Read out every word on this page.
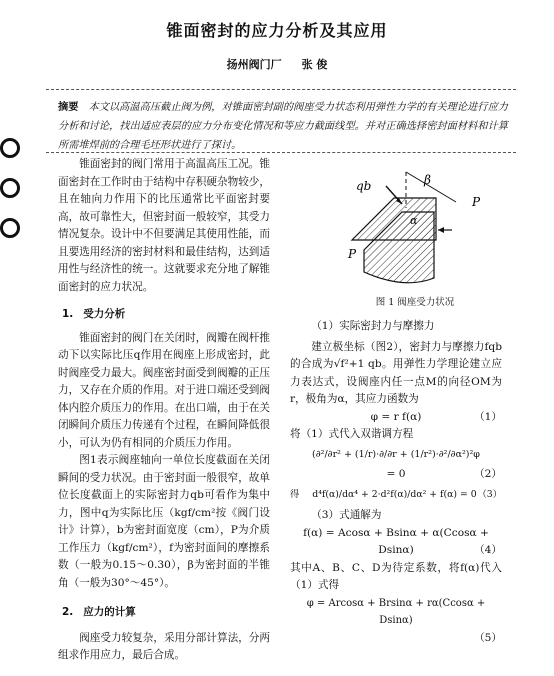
锥面密封的应力分析及其应用
扬州阀门厂 张 俊
摘要 本文以高温高压截止阀为例，对锥面密封副的阀座受力状态利用弹性力学的有关理论进行应力分析和讨论，找出适应表层的应力分布变化情况和等应力截面线型。并对正确选择密封面材料和计算所需堆焊前的合理毛坯形状进行了探讨。

锥面密封的阀门常用于高温高压工况。锥面密封在工作时由于结构中存积硬杂物较少，且在轴向力作用下的比压通常比平面密封要高，故可靠性大，但密封面一般较窄，其受力情况复杂。设计中不但要满足其使用性能，而且要选用经济的密封材料和最佳结构，达到适用性与经济性的统一。这就要求充分地了解锥面密封的应力状况。

1. 受力分析

锥面密封的阀门在关闭时，阀瓣在阀杆推动下以实际比压q作用在阀座上形成密封，此时阀座受力最大。阀座密封面受到阀瓣的正压力，又存在介质的作用。对于进口端还受到阀体内腔介质压力的作用。在出口端，由于在关闭瞬间介质压力传递有个过程，在瞬间降低很小，可认为仍有相同的介质压力作用。

图1表示阀座轴向一单位长度截面在关闭瞬间的受力状况。由于密封面一般很窄，故单位长度截面上的实际密封力qb可看作为集中力，图中q为实际比压（kgf/cm²按《阀门设计》计算），b为密封面宽度（cm），P为介质工作压力（kgf/cm²），f为密封面间的摩擦系数（一般为0.15～0.30），β为密封面的半锥角（一般为30°～45°）。

2. 应力的计算

阀座受力较复杂，采用分部计算法，分两组求作用应力，最后合成。

β
qb
P
P
α
图 1 阀座受力状况

（1）实际密封力与摩擦力

建立极坐标（图2），密封力与摩擦力fqb的合成为√f²+1 qb。用弹性力学理论建立应力表达式，设阀座内任一点M的向径OM为r，极角为α，其应力函数为

φ = r f(α)	（1）

将（1）式代入双谐调方程

(∂²/∂r² + (1/r)·∂/∂r + (1/r²)·∂²/∂α²)²φ
= 0	（2）
得 d⁴f(α)/dα⁴ + 2·d²f(α)/dα² + f(α) = 0 （3）

（3）式通解为

f(α) = Acosα + Bsinα + α(Ccosα +
Dsinα)	（4）

其中A、B、C、D为待定系数，将f(α)代入（1）式得

φ = Arcosα + Brsinα + rα(Ccosα + Dsinα)
（5）
